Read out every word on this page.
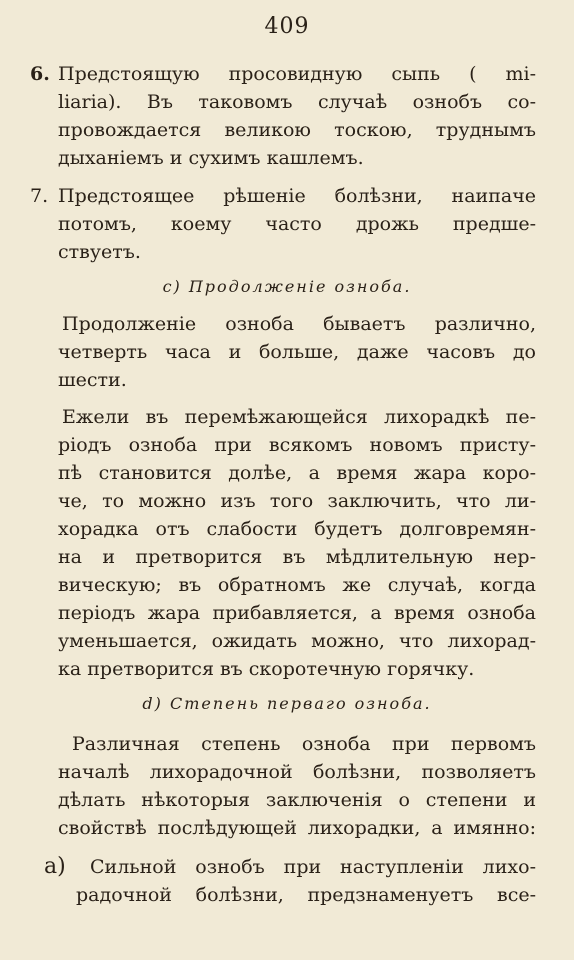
409
6. Предстоящую просовидную сыпь ( mi-
liaria). Въ таковомъ случаѣ ознобъ со-
провождается великою тоскою, труднымъ
дыханіемъ и сухимъ кашлемъ.
7. Предстоящее рѣшеніе болѣзни, наипаче
потомъ, коему часто дрожь предше-
ствуетъ.
c) Продолженіе озноба.
Продолженіе озноба бываетъ различно,
четверть часа и больше, даже часовъ до
шести.
Ежели въ перемѣжающейся лихорадкѣ пе-
ріодъ озноба при всякомъ новомъ присту-
пѣ становится долѣе, а время жара коро-
че, то можно изъ того заключить, что ли-
хорадка отъ слабости будетъ долговремян-
на и претворится въ мѣдлительную нер-
вическую; въ обратномъ же случаѣ, когда
періодъ жара прибавляется, а время озноба
уменьшается, ожидать можно, что лихорад-
ка претворится въ скоротечную горячку.
d) Степень перваго озноба.
Различная степень озноба при первомъ
началѣ лихорадочной болѣзни, позволяетъ
дѣлать нѣкоторыя заключенія о степени и
свойствѣ послѣдующей лихорадки, а имянно:
a) Сильной ознобъ при наступленіи лихо-
радочной болѣзни, предзнаменуетъ все-
